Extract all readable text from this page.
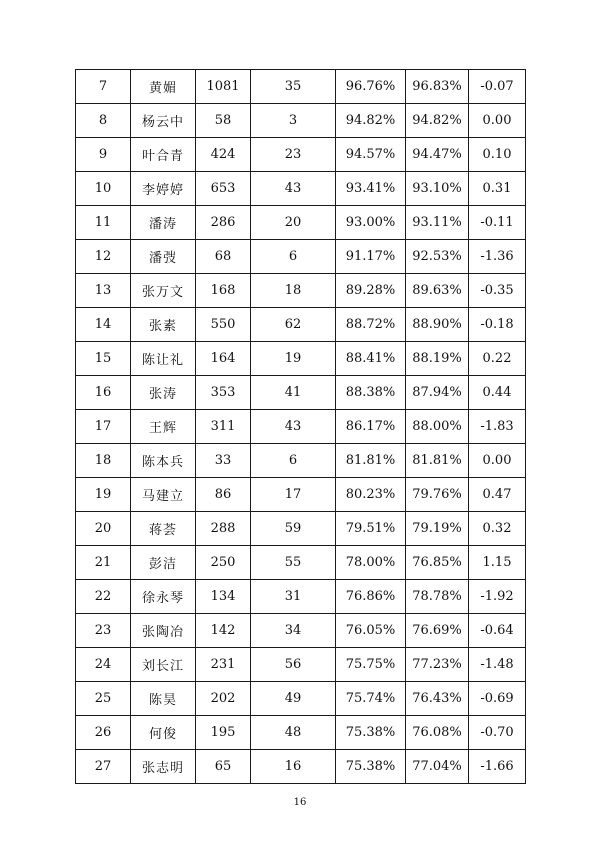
7	黄媚	1081	35	96.76%	96.83%	-0.07
8	杨云中	58	3	94.82%	94.82%	0.00
9	叶合青	424	23	94.57%	94.47%	0.10
10	李婷婷	653	43	93.41%	93.10%	0.31
11	潘涛	286	20	93.00%	93.11%	-0.11
12	潘弢	68	6	91.17%	92.53%	-1.36
13	张万文	168	18	89.28%	89.63%	-0.35
14	张素	550	62	88.72%	88.90%	-0.18
15	陈让礼	164	19	88.41%	88.19%	0.22
16	张涛	353	41	88.38%	87.94%	0.44
17	王辉	311	43	86.17%	88.00%	-1.83
18	陈本兵	33	6	81.81%	81.81%	0.00
19	马建立	86	17	80.23%	79.76%	0.47
20	蒋荟	288	59	79.51%	79.19%	0.32
21	彭洁	250	55	78.00%	76.85%	1.15
22	徐永琴	134	31	76.86%	78.78%	-1.92
23	张陶冶	142	34	76.05%	76.69%	-0.64
24	刘长江	231	56	75.75%	77.23%	-1.48
25	陈昊	202	49	75.74%	76.43%	-0.69
26	何俊	195	48	75.38%	76.08%	-0.70
27	张志明	65	16	75.38%	77.04%	-1.66
16
